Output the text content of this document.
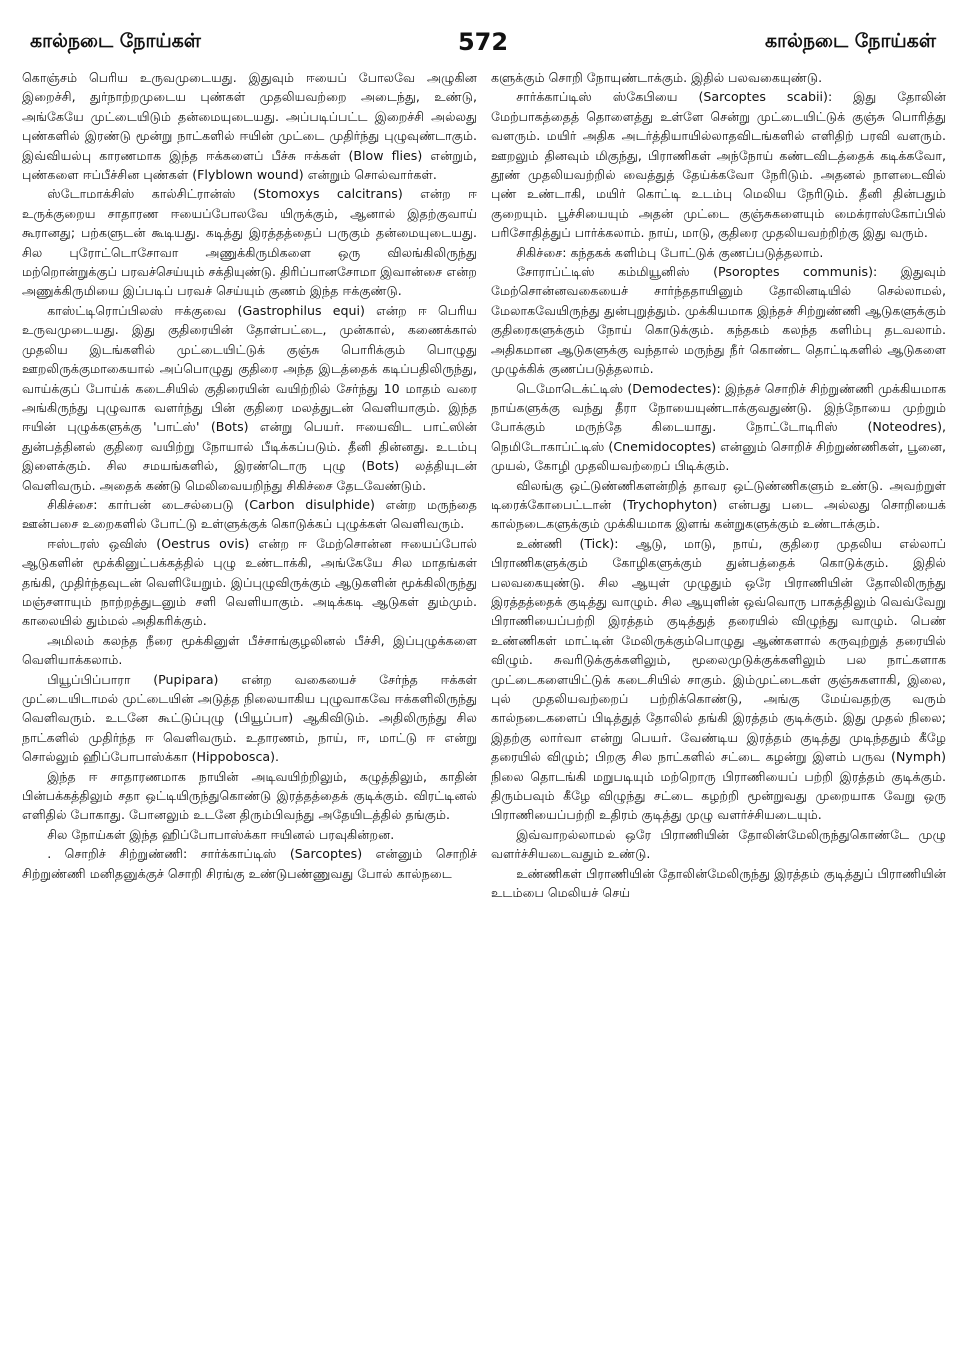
கால்நடை நோய்கள்	572	கால்நடை நோய்கள்

கொஞ்சம் பெரிய உருவமுடையது. இதுவும் ஈயைப் போலவே அழுகின இறைச்சி, துர்நாற்றமுடைய புண்கள் முதலியவற்றை அடைந்து, உண்டு, அங்கேயே முட்டையிடும் தன்மையுடையது. அப்படிப்பட்ட இறைச்சி அல்லது புண்களில் இரண்டு மூன்று நாட்களில் ஈயின் முட்டை முதிர்ந்து புழுவுண்டாகும். இவ்வியல்பு காரணமாக இந்த ஈக்களைப் பீச்சு ஈக்கள் (Blow flies) என்றும், புண்களை ஈப்பீச்சின புண்கள் (Flyblown wound) என்றும் சொல்வார்கள்.

ஸ்டோமாக்சிஸ் கால்சிட்ரான்ஸ் (Stomoxys calcitrans) என்ற ஈ உருக்குறைய சாதாரண ஈயைப்போலவே யிருக்கும், ஆனால் இதற்குவாய் கூரானது; பற்களுடன் கூடியது. கடித்து இரத்தத்தைப் பருகும் தன்மையுடையது. சில புரோட்டொசோவா அணுக்கிருமிகளை ஒரு விலங்கிலிருந்து மற்றொன்றுக்குப் பரவச்செய்யும் சக்தியுண்டு. திரிப்பானசோமா இவான்சை என்ற அணுக்கிருமியை இப்படிப் பரவச் செய்யும் குணம் இந்த ஈக்குண்டு.

காஸ்ட்டிரொப்பிலஸ் ஈக்குவை (Gastrophilus equi) என்ற ஈ பெரிய உருவமுடையது. இது குதிரையின் தோள்பட்டை, முன்கால், கணைக்கால் முதலிய இடங்களில் முட்டையிட்டுக் குஞ்சு பொரிக்கும் பொழுது ஊறலிருக்குமாகையால் அப்பொழுது குதிரை அந்த இடத்தைக் கடிப்பதிலிருந்து, வாய்க்குப் போய்க் கடைசியில் குதிரையின் வயிற்றில் சேர்ந்து 10 மாதம் வரை அங்கிருந்து புழுவாக வளர்ந்து பின் குதிரை மலத்துடன் வெளியாகும். இந்த ஈயின் புழுக்களுக்கு 'பாட்ஸ்' (Bots) என்று பெயர். ஈயைவிட பாட்ஸின் துன்பத்தினல் குதிரை வயிற்று நோயால் பீடிக்கப்படும். தீனி தின்னது. உடம்பு இளைக்கும். சில சமயங்களில், இரண்டொரு புழு (Bots) லத்தியுடன் வெளிவரும். அதைக் கண்டு மெலிவையறிந்து சிகிச்சை தேடவேண்டும்.

சிகிச்சை: கார்பன் டைசல்பைடு (Carbon disulphide) என்ற மருந்தை ஊன்பசை உறைகளில் போட்டு உள்ளுக்குக் கொடுக்கப் புழுக்கள் வெளிவரும்.

ஈஸ்டரஸ் ஒவிஸ் (Oestrus ovis) என்ற ஈ மேற்சொன்ன ஈயைப்போல் ஆடுகளின் மூக்கினுட்பக்கத்தில் புழு உண்டாக்கி, அங்கேயே சில மாதங்கள் தங்கி, முதிர்ந்தவுடன் வெளியேறும். இப்புழுவிருக்கும் ஆடுகளின் மூக்கிலிருந்து மஞ்சளாயும் நாற்றத்துடனும் சளி வெளியாகும். அடிக்கடி ஆடுகள் தும்மும். காலையில் தும்மல் அதிகரிக்கும்.

அமிலம் கலந்த நீரை மூக்கினுள் பீச்சாங்குழலினல் பீச்சி, இப்புழுக்களை வெளியாக்கலாம்.

பியூப்பிப்பாரா (Pupipara) என்ற வகையைச் சேர்ந்த ஈக்கள் முட்டையிடாமல் முட்டையின் அடுத்த நிலையாகிய புழுவாகவே ஈக்களிலிருந்து வெளிவரும். உடனே கூட்டுப்புழு (பியூப்பா) ஆகிவிடும். அதிலிருந்து சில நாட்களில் முதிர்ந்த ஈ வெளிவரும். உதாரணம், நாய், ஈ, மாட்டு ஈ என்று சொல்லும் ஹிப்போபாஸ்க்கா (Hippobosca).

இந்த ஈ சாதாரணமாக நாயின் அடிவயிற்றிலும், கழுத்திலும், காதின் பின்பக்கத்திலும் சதா ஒட்டியிருந்துகொண்டு இரத்தத்தைக் குடிக்கும். விரட்டினல் எளிதில் போகாது. போனலும் உடனே திரும்பிவந்து அதேயிடத்தில் தங்கும்.

சில நோய்கள் இந்த ஹிப்போபாஸ்க்கா ஈயினல் பரவுகின்றன.

. சொறிச் சிற்றுண்ணி: சார்க்காப்டிஸ் (Sarcoptes) என்னும் சொறிச் சிற்றுண்ணி மனிதனுக்குச் சொறி சிரங்கு உண்டுபண்ணுவது போல் கால்நடை

களுக்கும் சொறி நோயுண்டாக்கும். இதில் பலவகையுண்டு.

சார்க்காப்டிஸ் ஸ்கேபியை (Sarcoptes scabii): இது தோலின் மேற்பாகத்தைத் தொளைத்து உள்ளே சென்று முட்டையிட்டுக் குஞ்சு பொரித்து வளரும். மயிர் அதிக அடர்த்தியாயில்லாதவிடங்களில் எளிதிற் பரவி வளரும். ஊறலும் தினவும் மிகுந்து, பிராணிகள் அந்நோய் கண்டவிடத்தைக் கடிக்கவோ, தூண் முதலியவற்றில் வைத்துத் தேய்க்கவோ நேரிடும். அதனல் நாளடைவில் புண் உண்டாகி, மயிர் கொட்டி உடம்பு மெலிய நேரிடும். தீனி தின்பதும் குறையும். பூச்சியையும் அதன் முட்டை குஞ்சுகளையும் மைக்ராஸ்கோப்பில் பரிசோதித்துப் பார்க்கலாம். நாய், மாடு, குதிரை முதலியவற்றிற்கு இது வரும்.

சிகிச்சை: கந்தகக் களிம்பு போட்டுக் குணப்படுத்தலாம்.

சோராப்ட்டிஸ் கம்மியூனிஸ் (Psoroptes communis): இதுவும் மேற்சொன்னவகையைச் சார்ந்ததாயினும் தோலினடியில் செல்லாமல், மேலாகவேயிருந்து துன்புறுத்தும். முக்கியமாக இந்தச் சிற்றுண்ணி ஆடுகளுக்கும் குதிரைகளுக்கும் நோய் கொடுக்கும். கந்தகம் கலந்த களிம்பு தடவலாம். அதிகமான ஆடுகளுக்கு வந்தால் மருந்து நீர் கொண்ட தொட்டிகளில் ஆடுகளை முழுக்கிக் குணப்படுத்தலாம்.

டெமோடெக்ட்டிஸ் (Demodectes): இந்தச் சொறிச் சிற்றுண்ணி முக்கியமாக நாய்களுக்கு வந்து தீரா நோயையுண்டாக்குவதுண்டு. இந்நோயை முற்றும் போக்கும் மருந்தே கிடையாது. நோட்டோடிரிஸ் (Noteodres), நெமிடோகாப்ட்டிஸ் (Cnemidocoptes) என்னும் சொறிச் சிற்றுண்ணிகள், பூனை, முயல், கோழி முதலியவற்றைப் பிடிக்கும்.

விலங்கு ஒட்டுண்ணிகளன்றித் தாவர ஒட்டுண்ணிகளும் உண்டு. அவற்றுள் டிரைக்கோபைட்டான் (Trychophyton) என்பது படை அல்லது சொறியைக் கால்நடைகளுக்கும் முக்கியமாக இளங் கன்றுகளுக்கும் உண்டாக்கும்.

உண்ணி (Tick): ஆடு, மாடு, நாய், குதிரை முதலிய எல்லாப் பிராணிகளுக்கும் கோழிகளுக்கும் துன்பத்தைக் கொடுக்கும். இதில் பலவகையுண்டு. சில ஆயுள் முழுதும் ஒரே பிராணியின் தோலிலிருந்து இரத்தத்தைக் குடித்து வாழும். சில ஆயுளின் ஒவ்வொரு பாகத்திலும் வெவ்வேறு பிராணியைப்பற்றி இரத்தம் குடித்துத் தரையில் விழுந்து வாழும். பெண் உண்ணிகள் மாட்டின் மேலிருக்கும்பொழுது ஆண்களால் கருவுற்றுத் தரையில் விழும். சுவரிடுக்குக்களிலும், மூலைமுடுக்குக்களிலும் பல நாட்களாக முட்டைகளையிட்டுக் கடைசியில் சாகும். இம்முட்டைகள் குஞ்சுகளாகி, இலை, புல் முதலியவற்றைப் பற்றிக்கொண்டு, அங்கு மேய்வதற்கு வரும் கால்நடைகளைப் பிடித்துத் தோலில் தங்கி இரத்தம் குடிக்கும். இது முதல் நிலை; இதற்கு லார்வா என்று பெயர். வேண்டிய இரத்தம் குடித்து முடிந்ததும் கீழே தரையில் விழும்; பிறகு சில நாட்களில் சட்டை கழன்று இளம் பருவ (Nymph) நிலை தொடங்கி மறுபடியும் மற்றொரு பிராணியைப் பற்றி இரத்தம் குடிக்கும். திரும்பவும் கீழே விழுந்து சட்டை கழற்றி மூன்றுவது முறையாக வேறு ஒரு பிராணியைப்பற்றி உதிரம் குடித்து முழு வளர்ச்சியடையும்.

இவ்வாறல்லாமல் ஒரே பிராணியின் தோலின்மேலிருந்துகொண்டே முழு வளர்ச்சியடைவதும் உண்டு.

உண்ணிகள் பிராணியின் தோலின்மேலிருந்து இரத்தம் குடித்துப் பிராணியின் உடம்பை மெலியச் செய்
